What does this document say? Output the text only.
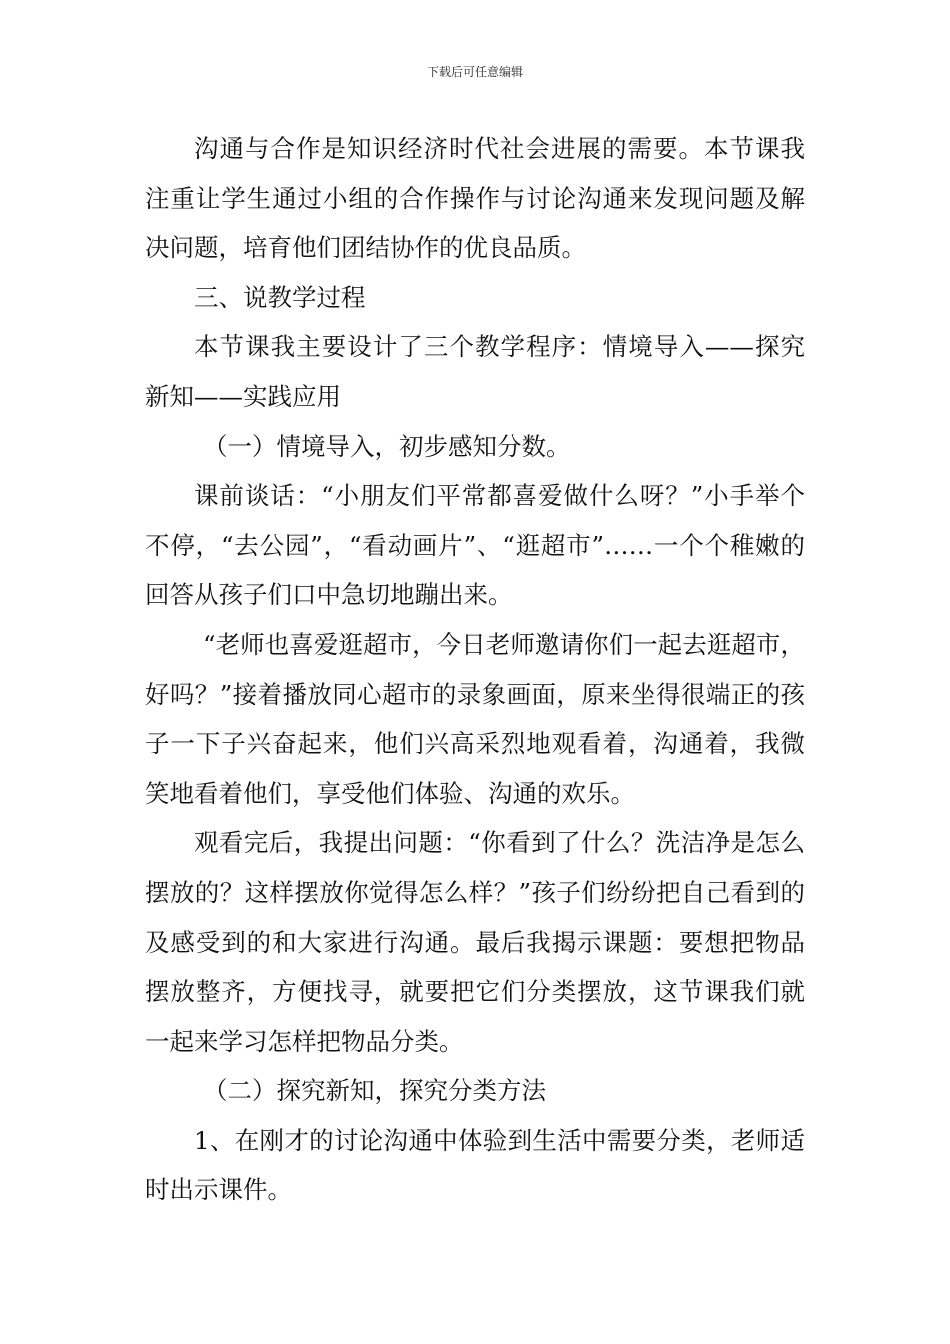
下载后可任意编辑

沟通与合作是知识经济时代社会进展的需要。本节课我注重让学生通过小组的合作操作与讨论沟通来发现问题及解决问题，培育他们团结协作的优良品质。

三、说教学过程

本节课我主要设计了三个教学程序：情境导入——探究新知——实践应用

（一）情境导入，初步感知分数。

课前谈话：“小朋友们平常都喜爱做什么呀？”小手举个不停，“去公园”，“看动画片”、“逛超市”……一个个稚嫩的回答从孩子们口中急切地蹦出来。

“老师也喜爱逛超市，今日老师邀请你们一起去逛超市，好吗？”接着播放同心超市的录象画面，原来坐得很端正的孩子一下子兴奋起来，他们兴高采烈地观看着，沟通着，我微笑地看着他们，享受他们体验、沟通的欢乐。

观看完后，我提出问题：“你看到了什么？洗洁净是怎么摆放的？这样摆放你觉得怎么样？”孩子们纷纷把自己看到的及感受到的和大家进行沟通。最后我揭示课题：要想把物品摆放整齐，方便找寻，就要把它们分类摆放，这节课我们就一起来学习怎样把物品分类。

（二）探究新知，探究分类方法

1、在刚才的讨论沟通中体验到生活中需要分类，老师适时出示课件。
